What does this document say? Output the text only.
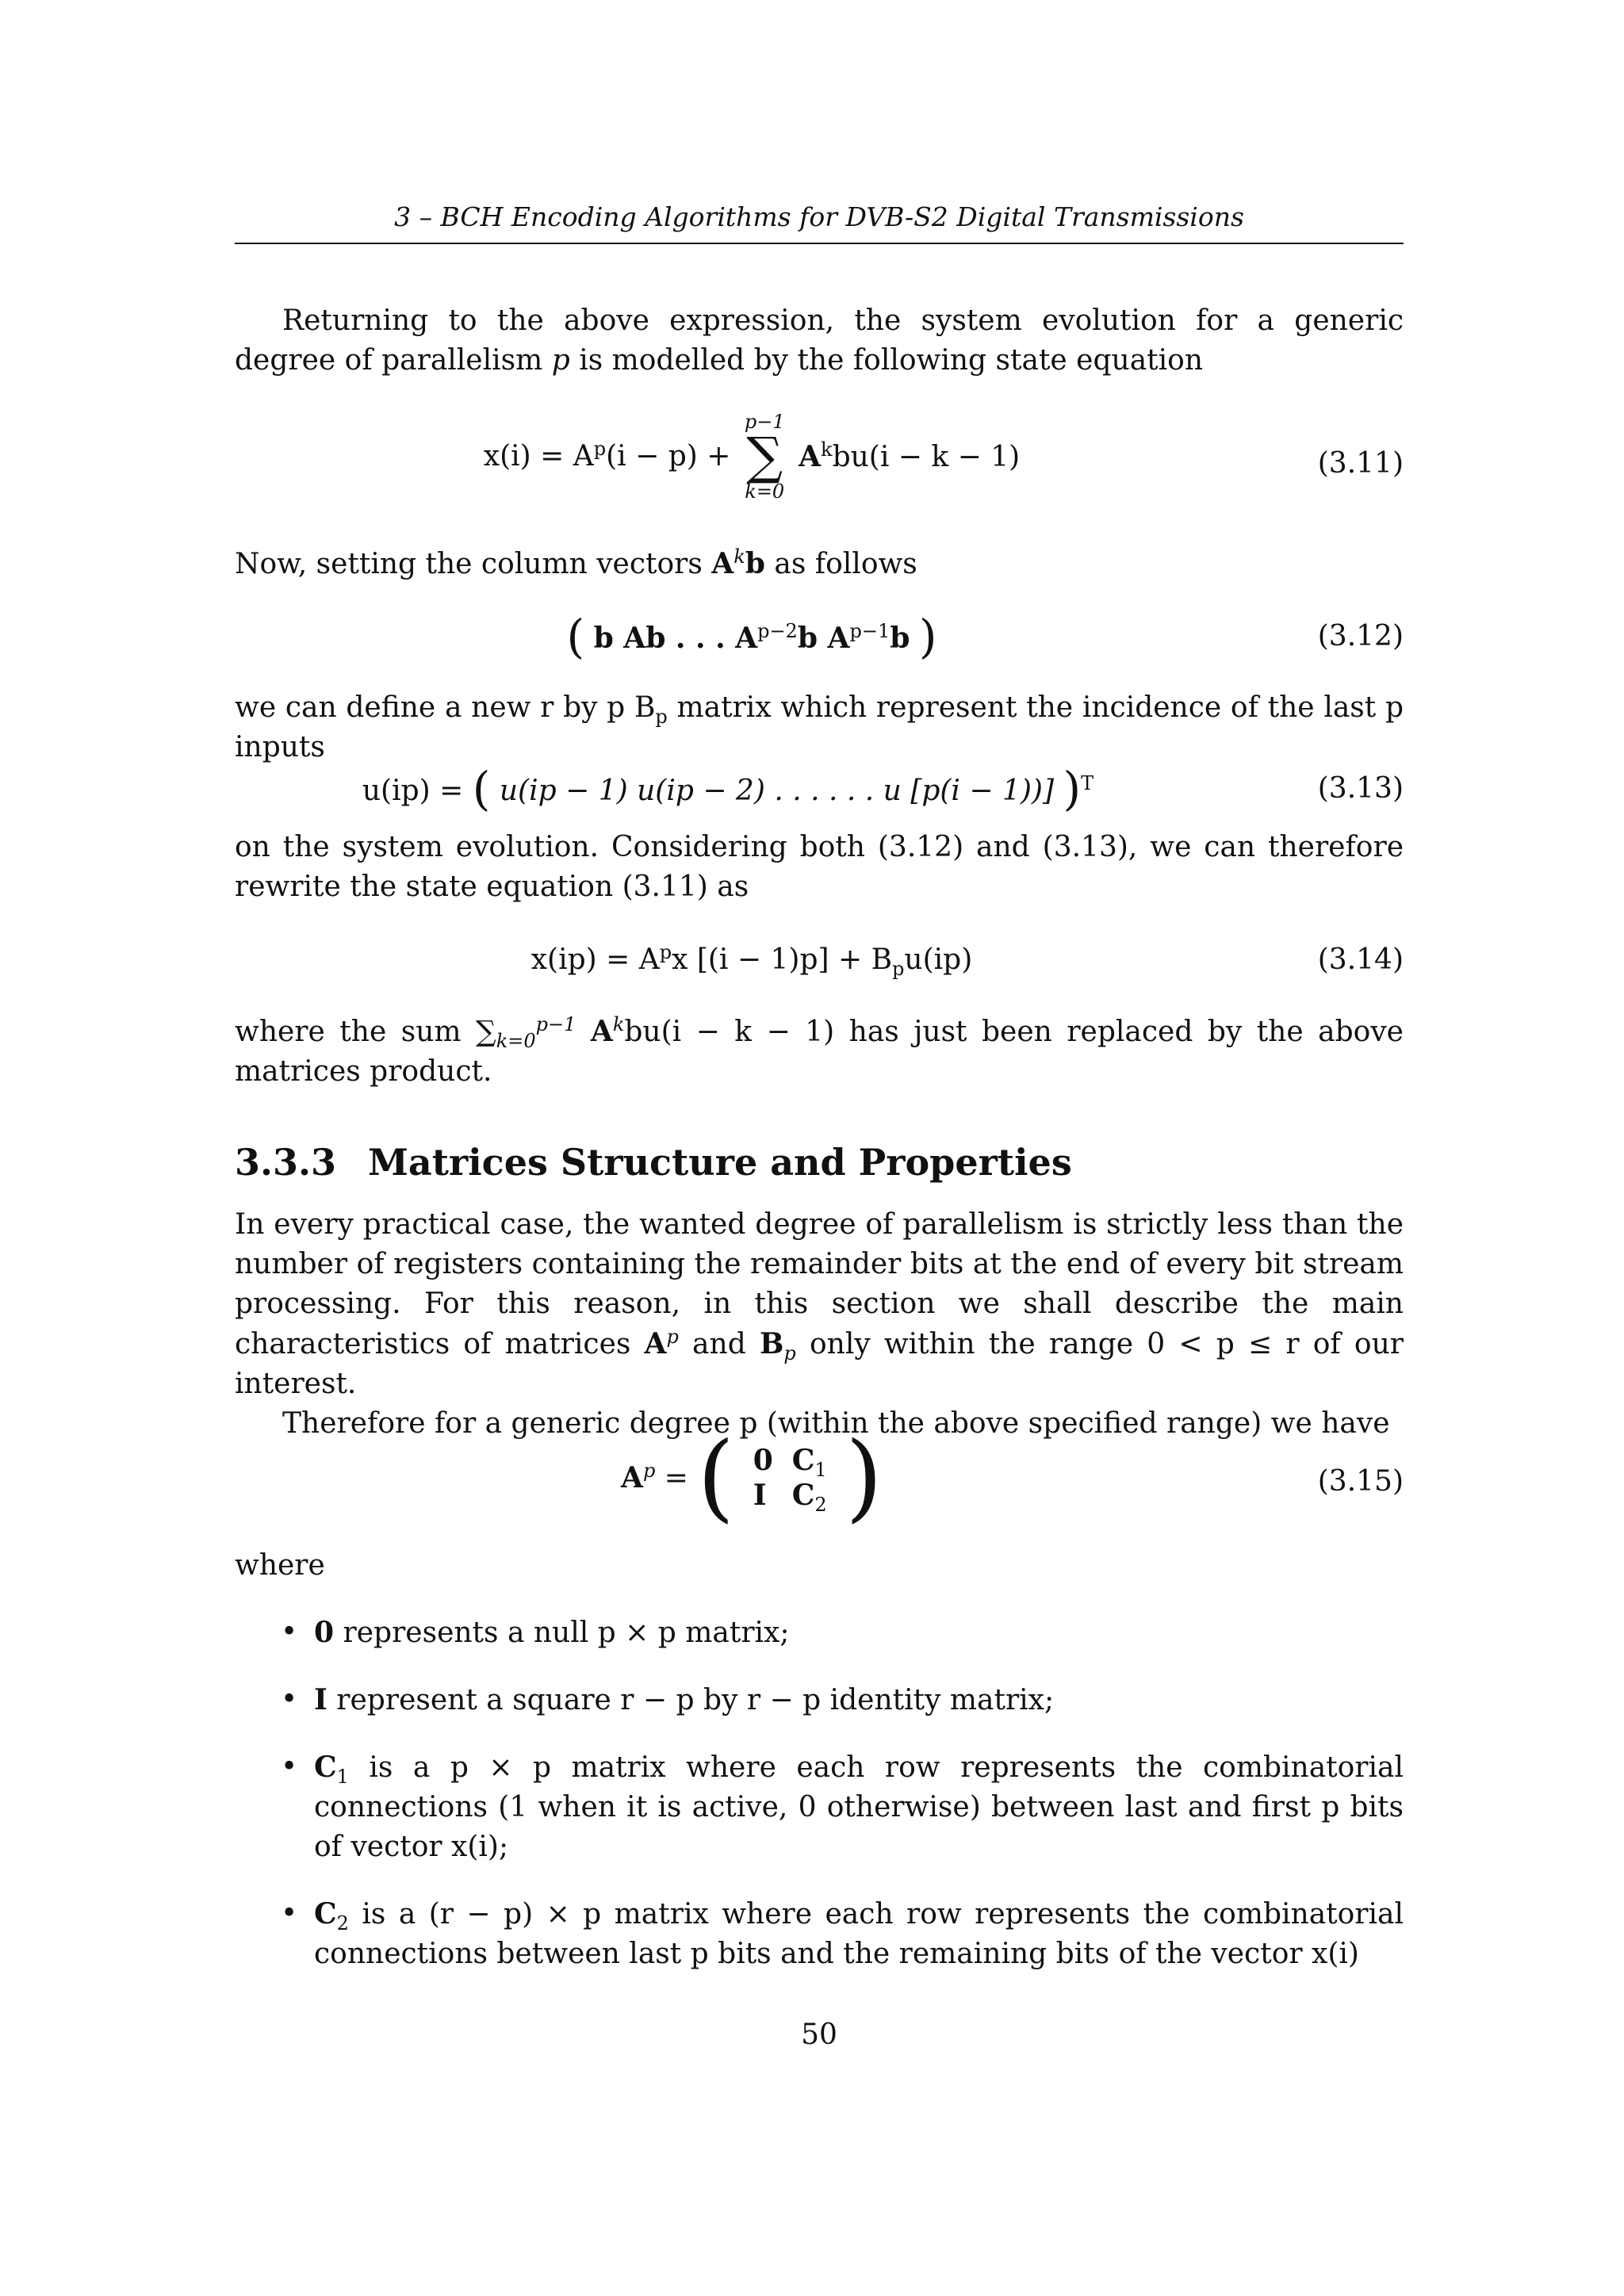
3 – BCH Encoding Algorithms for DVB-S2 Digital Transmissions

Returning to the above expression, the system evolution for a generic degree of parallelism p is modelled by the following state equation

$x(i) = A^p(i - p)$ +
p−1
∑
k=0
$A^kbu(i - k - 1)$	(3.11)

Now, setting the column vectors $A^kb$ as follows

( b Ab . . . $A^{p-2}b$ $A^{p-1}b$ )	(3.12)

we can define a new r by p $B_p$ matrix which represent the incidence of the last p inputs

u(ip) = ( u(ip − 1) u(ip − 2) . . . . . . u [p(i − 1))] )$^T$	(3.13)

on the system evolution. Considering both (3.12) and (3.13), we can therefore rewrite the state equation (3.11) as

$x(ip) = A^px$ $[(i - 1)p] + B_pu(ip)$	(3.14)

where the sum $\sum_{k=0}^{p-1}$ $A^kbu(i - k - 1)$ has just been replaced by the above matrices product.

3.3.3 Matrices Structure and Properties

In every practical case, the wanted degree of parallelism is strictly less than the number of registers containing the remainder bits at the end of every bit stream processing. For this reason, in this section we shall describe the main characteristics of matrices $A^p$ and $B_p$ only within the range 0 < p ≤ r of our interest.

Therefore for a generic degree p (within the above specified range) we have

$A^p$ = ( 0	$C_1$
I	$C_2$ )	(3.15)

where

• 0 represents a null p × p matrix;
• I represent a square r − p by r − p identity matrix;
• $C_1$ is a p × p matrix where each row represents the combinatorial connections (1 when it is active, 0 otherwise) between last and first p bits of vector x(i);
• $C_2$ is a (r − p) × p matrix where each row represents the combinatorial connections between last p bits and the remaining bits of the vector x(i)
50
